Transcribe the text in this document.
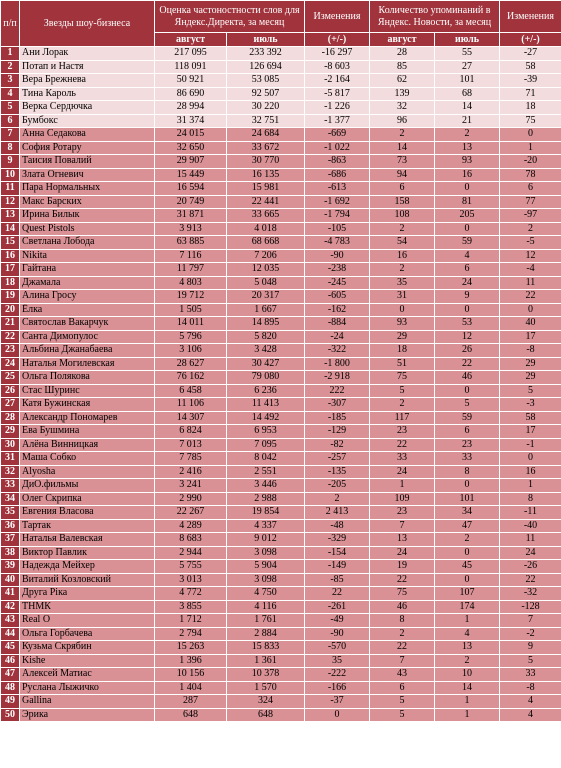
п/п	Звезды шоу-бизнеса	Оценка частоностности слов для Яндекс.Директа, за месяц		Изменения	Количество упоминаний в Яндекс. Новости, за месяц		Изменения
		август	июль	(+/-)	август	июль	(+/-)
1	Ани Лорак	217 095	233 392	-16 297	28	55	-27
2	Потап и Настя	118 091	126 694	-8 603	85	27	58
3	Вера Брежнева	50 921	53 085	-2 164	62	101	-39
4	Тина Кароль	86 690	92 507	-5 817	139	68	71
5	Верка Сердючка	28 994	30 220	-1 226	32	14	18
6	Бумбокс	31 374	32 751	-1 377	96	21	75
7	Анна Седакова	24 015	24 684	-669	2	2	0
8	София Ротару	32 650	33 672	-1 022	14	13	1
9	Таисия Повалий	29 907	30 770	-863	73	93	-20
10	Злата Огневич	15 449	16 135	-686	94	16	78
11	Пара Нормальных	16 594	15 981	-613	6	0	6
12	Макс Барских	20 749	22 441	-1 692	158	81	77
13	Ирина Билык	31 871	33 665	-1 794	108	205	-97
14	Quest Pistols	3 913	4 018	-105	2	0	2
15	Светлана Лобода	63 885	68 668	-4 783	54	59	-5
16	Nikita	7 116	7 206	-90	16	4	12
17	Гайтана	11 797	12 035	-238	2	6	-4
18	Джамала	4 803	5 048	-245	35	24	11
19	Алина Гросу	19 712	20 317	-605	31	9	22
20	Ёлка	1 505	1 667	-162	0	0	0
21	Святослав Вакарчук	14 011	14 895	-884	93	53	40
22	Санта Димопулос	5 796	5 820	-24	29	12	17
23	Альбина Джанабаева	3 106	3 428	-322	18	26	-8
24	Наталья Могилевская	28 627	30 427	-1 800	51	22	29
25	Ольга Полякова	76 162	79 080	-2 918	75	46	29
26	Стас Шуринс	6 458	6 236	222	5	0	5
27	Катя Бужинская	11 106	11 413	-307	2	5	-3
28	Александр Пономарев	14 307	14 492	-185	117	59	58
29	Ева Бушмина	6 824	6 953	-129	23	6	17
30	Алёна Винницкая	7 013	7 095	-82	22	23	-1
31	Маша Собко	7 785	8 042	-257	33	33	0
32	Alyosha	2 416	2 551	-135	24	8	16
33	ДиО.фильмы	3 241	3 446	-205	1	0	1
34	Олег Скрипка	2 990	2 988	2	109	101	8
35	Евгения Власова	22 267	19 854	2 413	23	34	-11
36	Тартак	4 289	4 337	-48	7	47	-40
37	Наталья Валевская	8 683	9 012	-329	13	2	11
38	Виктор Павлик	2 944	3 098	-154	24	0	24
39	Надежда Мейхер	5 755	5 904	-149	19	45	-26
40	Виталий Козловский	3 013	3 098	-85	22	0	22
41	Друга Ріка	4 772	4 750	22	75	107	-32
42	ТНМК	3 855	4 116	-261	46	174	-128
43	Real O	1 712	1 761	-49	8	1	7
44	Ольга Горбачева	2 794	2 884	-90	2	4	-2
45	Кузьма Скрябин	15 263	15 833	-570	22	13	9
46	Kishe	1 396	1 361	35	7	2	5
47	Алексей Матиас	10 156	10 378	-222	43	10	33
48	Руслана Лыжичко	1 404	1 570	-166	6	14	-8
49	Gallina	287	324	-37	5	1	4
50	Эрика	648	648	0	5	1	4
